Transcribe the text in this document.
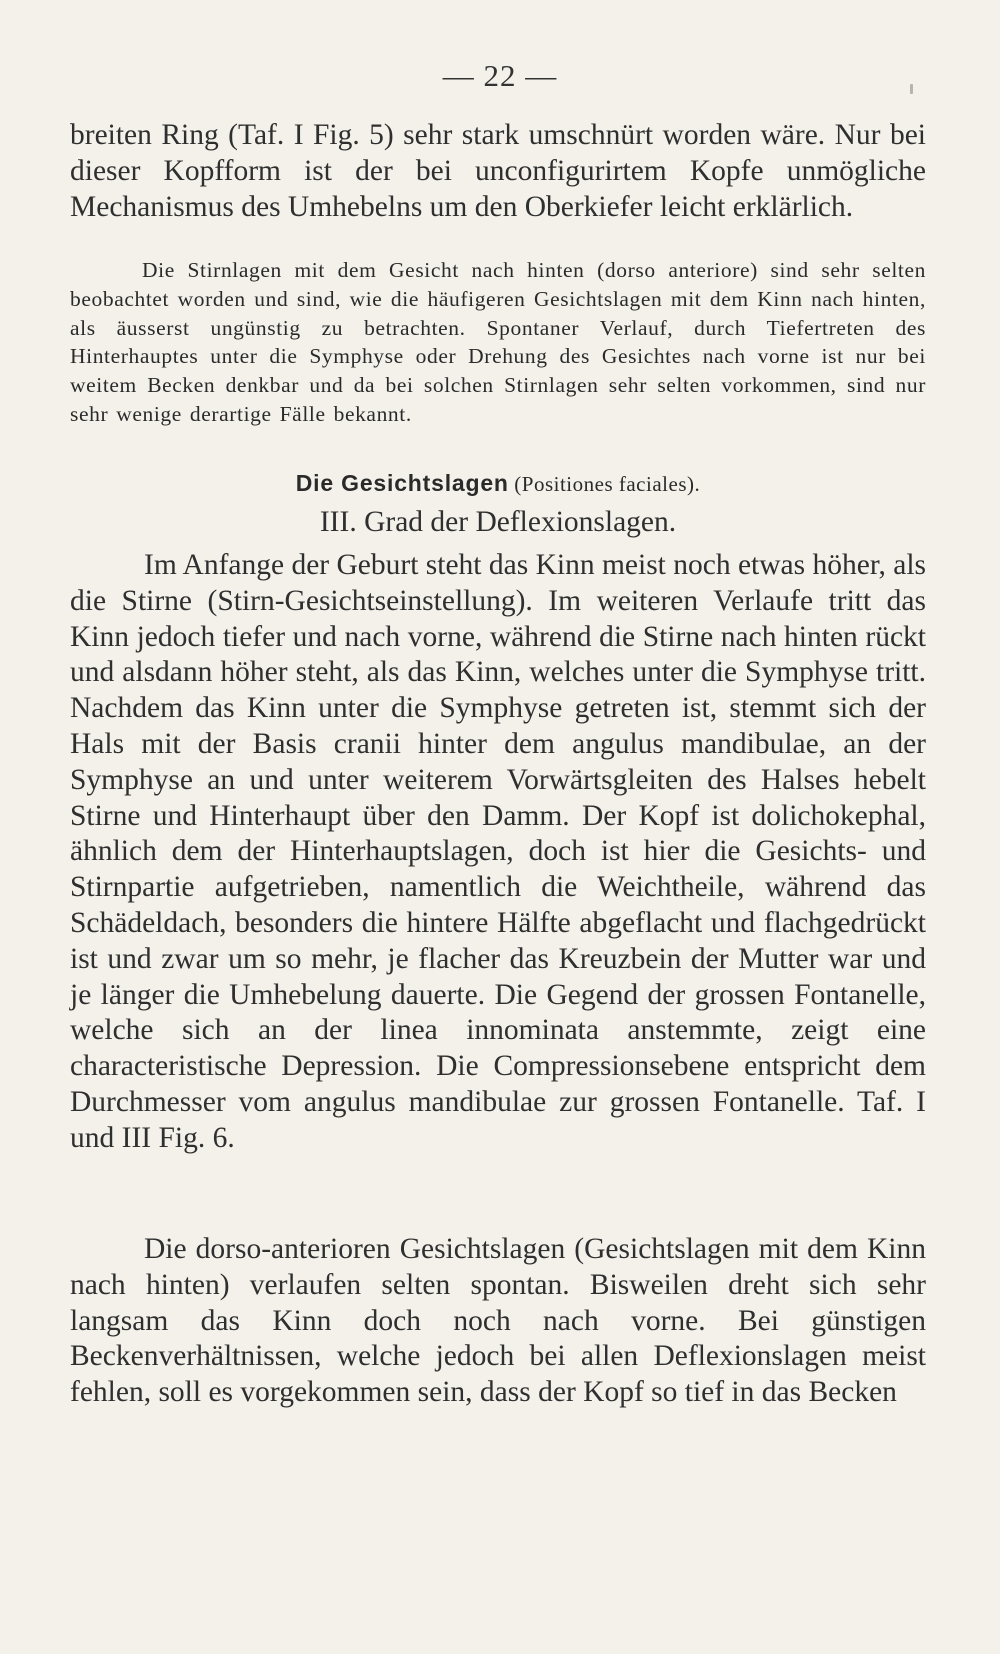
— 22 —

breiten Ring (Taf. I Fig. 5) sehr stark umschnürt worden wäre. Nur bei dieser Kopfform ist der bei unconfigurirtem Kopfe unmögliche Mechanismus des Umhebelns um den Oberkiefer leicht erklärlich.

Die Stirnlagen mit dem Gesicht nach hinten (dorso anteriore) sind sehr selten beobachtet worden und sind, wie die häufigeren Gesichtslagen mit dem Kinn nach hinten, als äusserst ungünstig zu betrachten. Spontaner Verlauf, durch Tiefertreten des Hinterhauptes unter die Symphyse oder Drehung des Gesichtes nach vorne ist nur bei weitem Becken denkbar und da bei solchen Stirnlagen sehr selten vorkommen, sind nur sehr wenige derartige Fälle bekannt.

Die Gesichtslagen (Positiones faciales).

III. Grad der Deflexionslagen.

Im Anfange der Geburt steht das Kinn meist noch etwas höher, als die Stirne (Stirn-Gesichtseinstellung). Im weiteren Verlaufe tritt das Kinn jedoch tiefer und nach vorne, während die Stirne nach hinten rückt und alsdann höher steht, als das Kinn, welches unter die Symphyse tritt. Nachdem das Kinn unter die Symphyse getreten ist, stemmt sich der Hals mit der Basis cranii hinter dem angulus mandibulae, an der Symphyse an und unter weiterem Vorwärtsgleiten des Halses hebelt Stirne und Hinterhaupt über den Damm. Der Kopf ist dolichokephal, ähnlich dem der Hinterhauptslagen, doch ist hier die Gesichts- und Stirnpartie aufgetrieben, namentlich die Weichtheile, während das Schädeldach, besonders die hintere Hälfte abgeflacht und flachgedrückt ist und zwar um so mehr, je flacher das Kreuzbein der Mutter war und je länger die Umhebelung dauerte. Die Gegend der grossen Fontanelle, welche sich an der linea innominata anstemmte, zeigt eine characteristische Depression. Die Compressionsebene entspricht dem Durchmesser vom angulus mandibulae zur grossen Fontanelle. Taf. I und III Fig. 6.

Die dorso-anterioren Gesichtslagen (Gesichtslagen mit dem Kinn nach hinten) verlaufen selten spontan. Bisweilen dreht sich sehr langsam das Kinn doch noch nach vorne. Bei günstigen Beckenverhältnissen, welche jedoch bei allen Deflexionslagen meist fehlen, soll es vorgekommen sein, dass der Kopf so tief in das Becken
